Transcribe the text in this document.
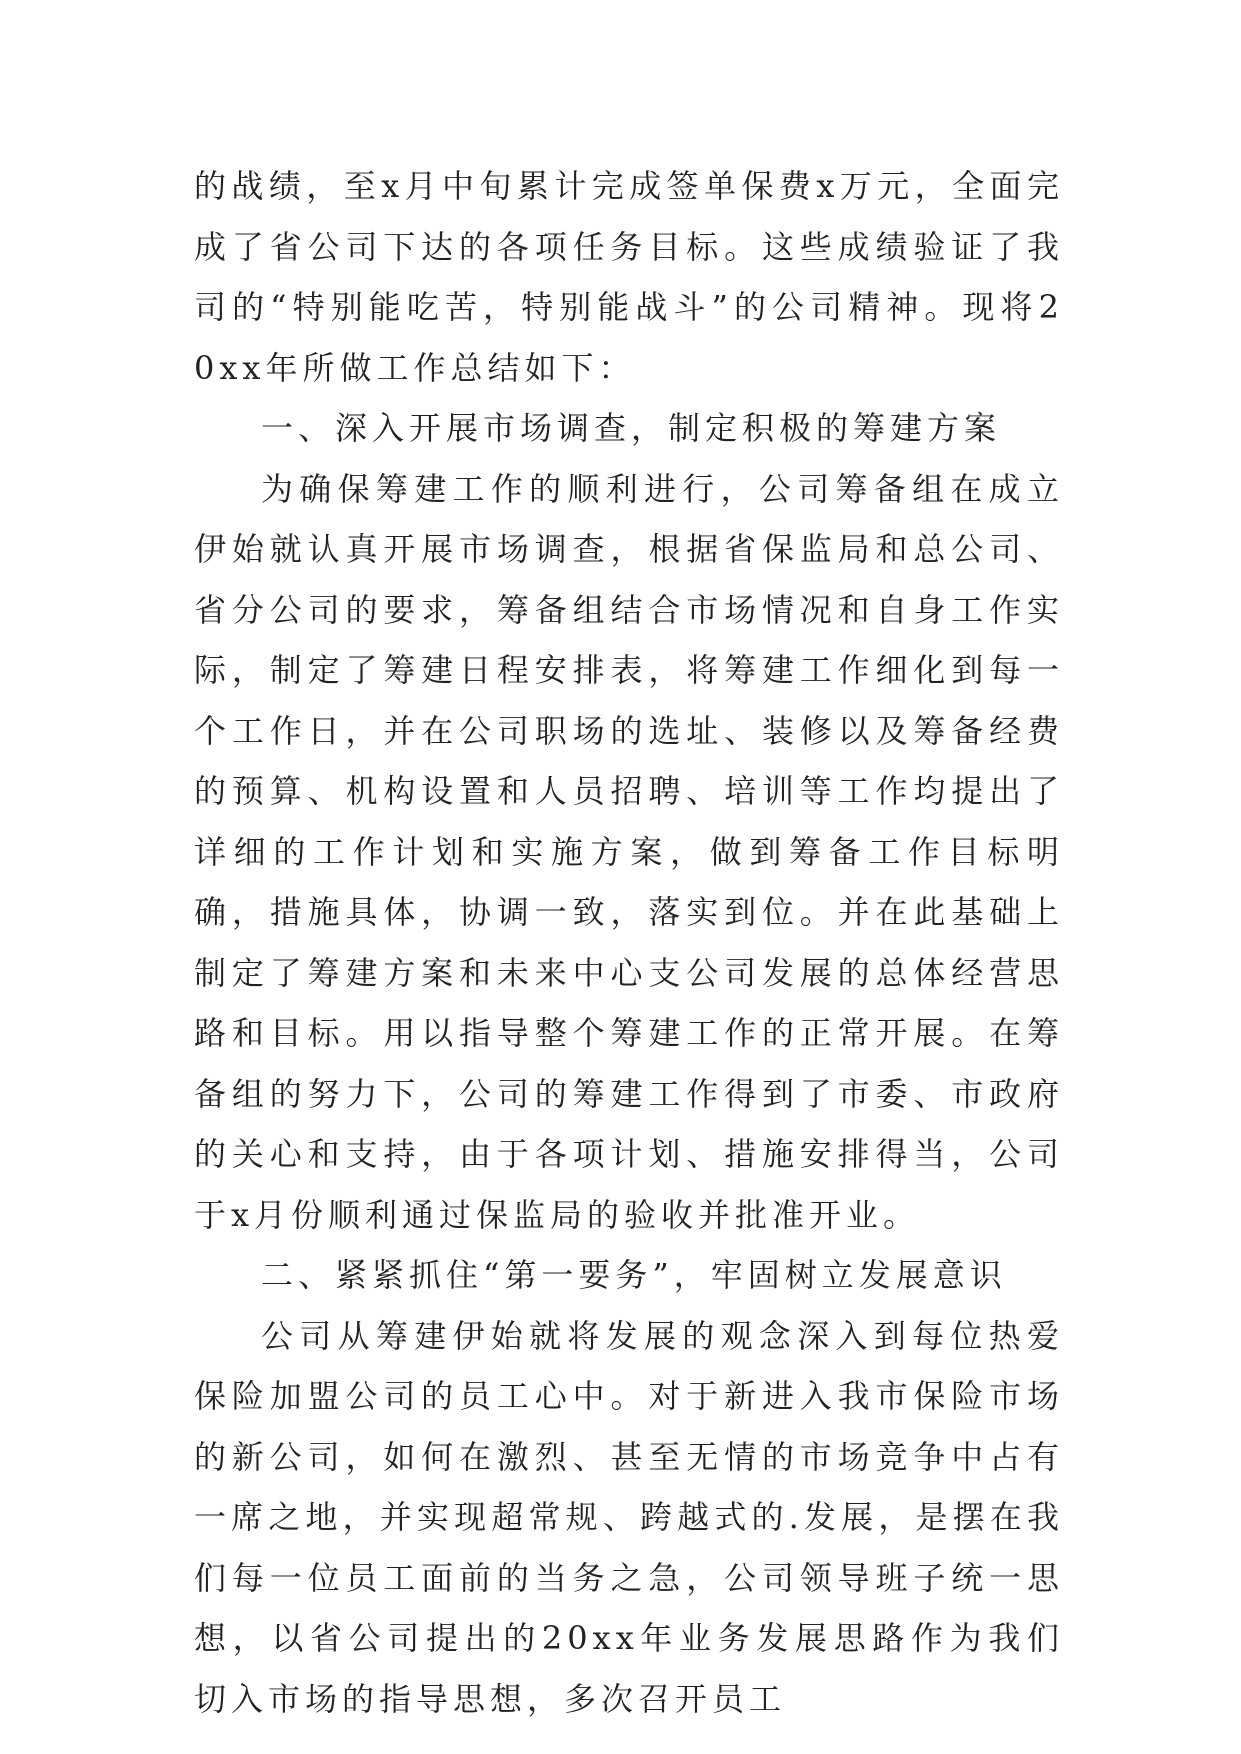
的战绩，至x月中旬累计完成签单保费x万元，全面完成了省公司下达的各项任务目标。这些成绩验证了我司的“特别能吃苦，特别能战斗”的公司精神。现将20xx年所做工作总结如下：

一、深入开展市场调查，制定积极的筹建方案

为确保筹建工作的顺利进行，公司筹备组在成立伊始就认真开展市场调查，根据省保监局和总公司、省分公司的要求，筹备组结合市场情况和自身工作实际，制定了筹建日程安排表，将筹建工作细化到每一个工作日，并在公司职场的选址、装修以及筹备经费的预算、机构设置和人员招聘、培训等工作均提出了详细的工作计划和实施方案，做到筹备工作目标明确，措施具体，协调一致，落实到位。并在此基础上制定了筹建方案和未来中心支公司发展的总体经营思路和目标。用以指导整个筹建工作的正常开展。在筹备组的努力下，公司的筹建工作得到了市委、市政府的关心和支持，由于各项计划、措施安排得当，公司于x月份顺利通过保监局的验收并批准开业。

二、紧紧抓住“第一要务”，牢固树立发展意识

公司从筹建伊始就将发展的观念深入到每位热爱保险加盟公司的员工心中。对于新进入我市保险市场的新公司，如何在激烈、甚至无情的市场竞争中占有一席之地，并实现超常规、跨越式的.发展，是摆在我们每一位员工面前的当务之急，公司领导班子统一思想，以省公司提出的20xx年业务发展思路作为我们切入市场的指导思想，多次召开员工
